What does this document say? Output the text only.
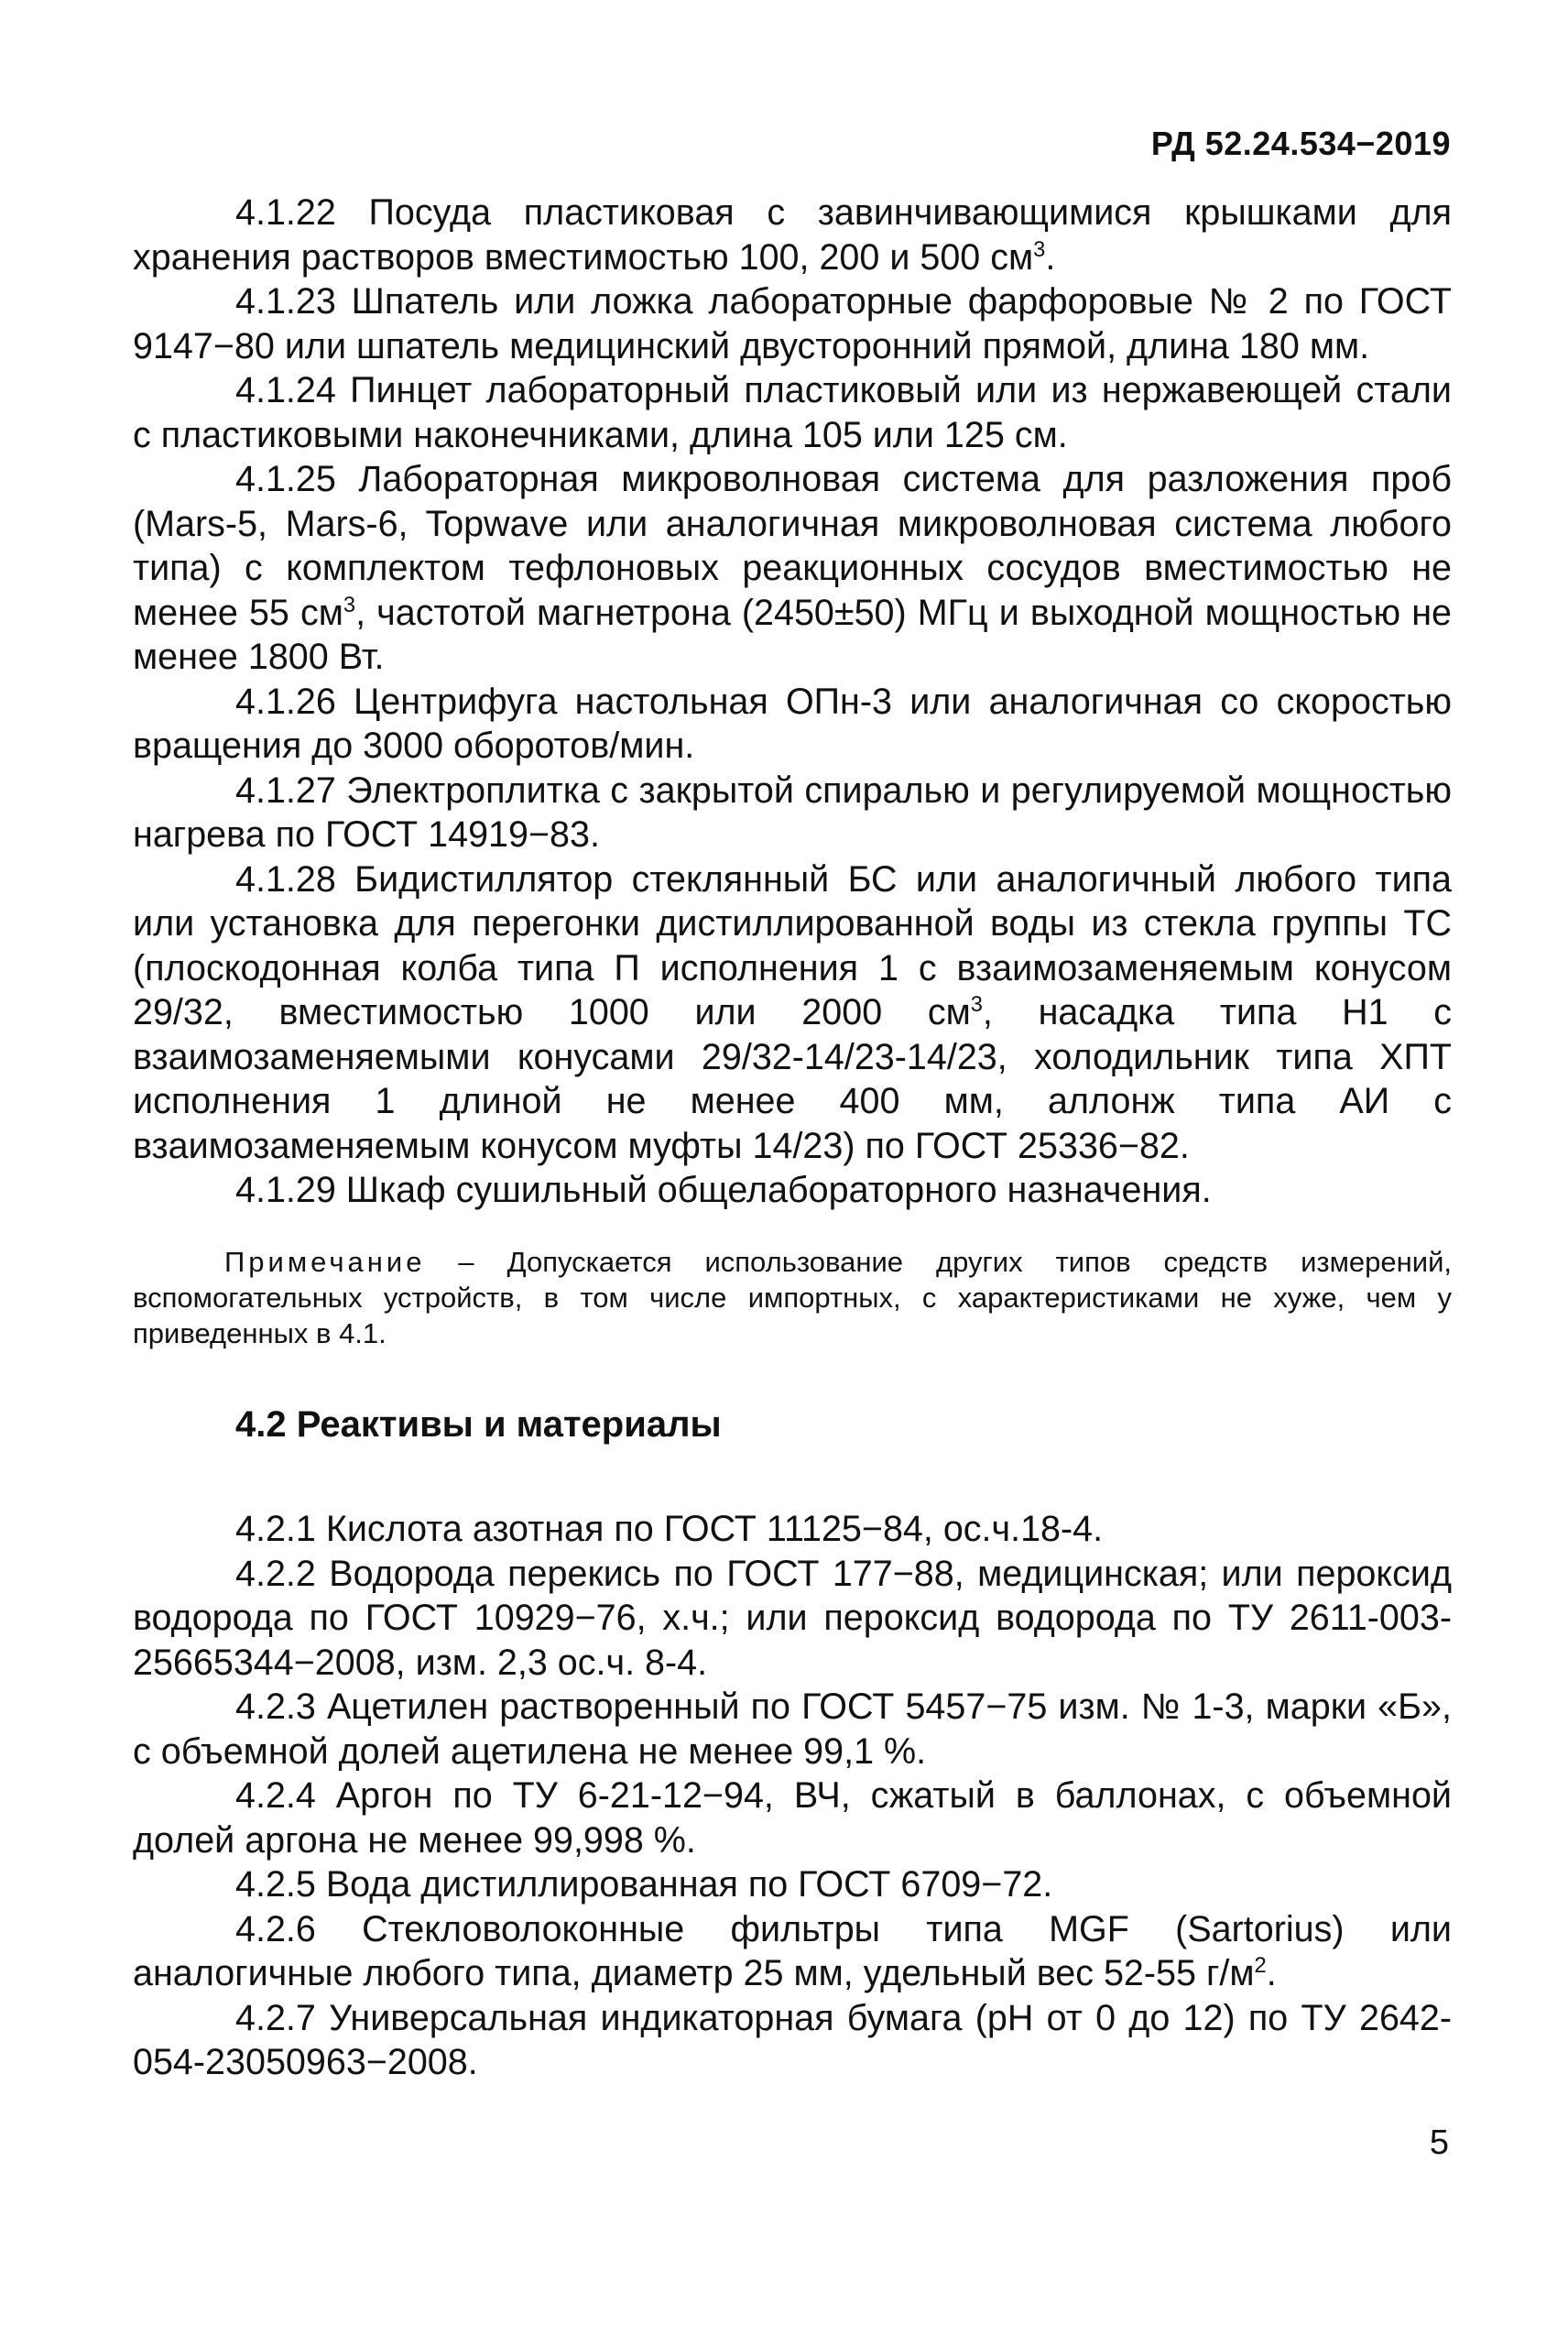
РД 52.24.534−2019

4.1.22 Посуда пластиковая с завинчивающимися крышками для хранения растворов вместимостью 100, 200 и 500 $см^3$.

4.1.23 Шпатель или ложка лабораторные фарфоровые № 2 по ГОСТ 9147−80 или шпатель медицинский двусторонний прямой, длина 180 мм.

4.1.24 Пинцет лабораторный пластиковый или из нержавеющей стали с пластиковыми наконечниками, длина 105 или 125 см.

4.1.25 Лабораторная микроволновая система для разложения проб (Mars-5, Mars-6, Topwave или аналогичная микроволновая система любого типа) с комплектом тефлоновых реакционных сосудов вместимостью не менее 55 $см^3$, частотой магнетрона (2450±50) МГц и выходной мощностью не менее 1800 Вт.

4.1.26 Центрифуга настольная ОПн-3 или аналогичная со скоростью вращения до 3000 оборотов/мин.

4.1.27 Электроплитка с закрытой спиралью и регулируемой мощностью нагрева по ГОСТ 14919−83.

4.1.28 Бидистиллятор стеклянный БС или аналогичный любого типа или установка для перегонки дистиллированной воды из стекла группы ТС (плоскодонная колба типа П исполнения 1 с взаимозаменяемым конусом 29/32, вместимостью 1000 или 2000 $см^3$, насадка типа Н1 с взаимозаменяемыми конусами 29/32-14/23-14/23, холодильник типа ХПТ исполнения 1 длиной не менее 400 мм, аллонж типа АИ с взаимозаменяемым конусом муфты 14/23) по ГОСТ 25336−82.

4.1.29 Шкаф сушильный общелабораторного назначения.

Примечание – Допускается использование других типов средств измерений, вспомогательных устройств, в том числе импортных, с характеристиками не хуже, чем у приведенных в 4.1.

4.2 Реактивы и материалы

4.2.1 Кислота азотная по ГОСТ 11125−84, ос.ч.18-4.

4.2.2 Водорода перекись по ГОСТ 177−88, медицинская; или пероксид водорода по ГОСТ 10929−76, х.ч.; или пероксид водорода по ТУ 2611-003-25665344−2008, изм. 2,3 ос.ч. 8-4.

4.2.3 Ацетилен растворенный по ГОСТ 5457−75 изм. № 1-3, марки «Б», с объемной долей ацетилена не менее 99,1 %.

4.2.4 Аргон по ТУ 6-21-12−94, ВЧ, сжатый в баллонах, с объемной долей аргона не менее 99,998 %.

4.2.5 Вода дистиллированная по ГОСТ 6709−72.

4.2.6 Стекловолоконные фильтры типа MGF (Sartorius) или аналогичные любого типа, диаметр 25 мм, удельный вес 52-55 $г/м^2$.

4.2.7 Универсальная индикаторная бумага (pH от 0 до 12) по ТУ 2642-054-23050963−2008.

5
